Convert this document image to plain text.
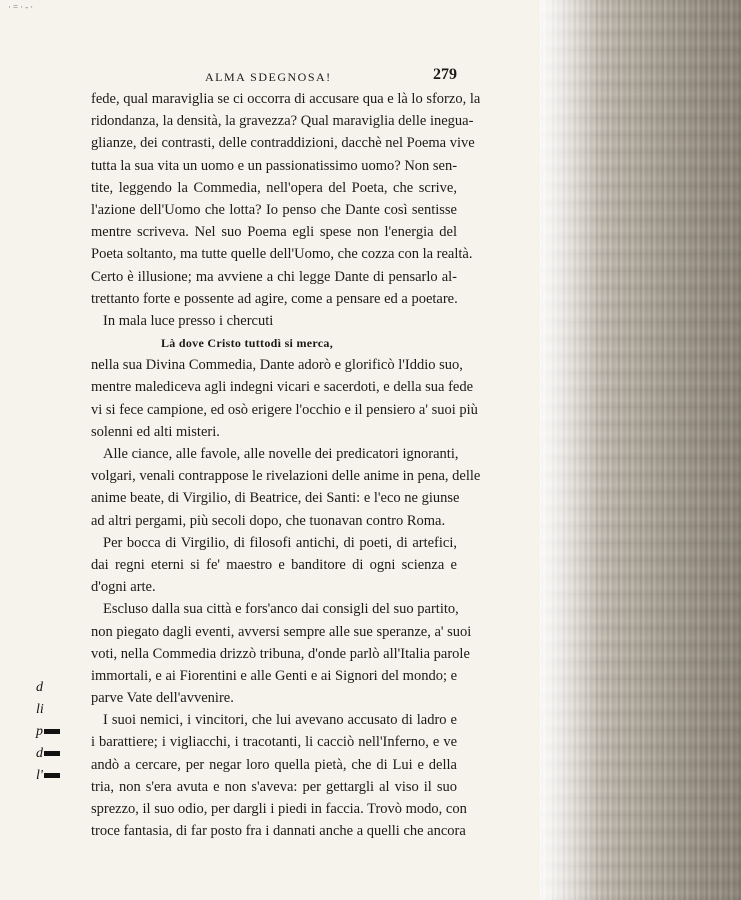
·=·-·
ALMA SDEGNOSA!	279
fede, qual maraviglia se ci occorra di accusare qua e là lo sforzo, la
ridondanza, la densità, la gravezza? Qual maraviglia delle inegua-
glianze, dei contrasti, delle contraddizioni, dacchè nel Poema vive
tutta la sua vita un uomo e un passionatissimo uomo? Non sen-
tite, leggendo la Commedia, nell'opera del Poeta, che scrive,
l'azione dell'Uomo che lotta? Io penso che Dante così sentisse
mentre scriveva. Nel suo Poema egli spese non l'energia del
Poeta soltanto, ma tutte quelle dell'Uomo, che cozza con la realtà.
Certo è illusione; ma avviene a chi legge Dante di pensarlo al-
trettanto forte e possente ad agire, come a pensare ed a poetare.
In mala luce presso i chercuti
Là dove Cristo tuttodì si merca,
nella sua Divina Commedia, Dante adorò e glorificò l'Iddio suo,
mentre malediceva agli indegni vicari e sacerdoti, e della sua fede
vi si fece campione, ed osò erigere l'occhio e il pensiero a' suoi più
solenni ed alti misteri.
Alle ciance, alle favole, alle novelle dei predicatori ignoranti,
volgari, venali contrappose le rivelazioni delle anime in pena, delle
anime beate, di Virgilio, di Beatrice, dei Santi: e l'eco ne giunse
ad altri pergami, più secoli dopo, che tuonavan contro Roma.
Per bocca di Virgilio, di filosofi antichi, di poeti, di artefici,
dai regni eterni si fe' maestro e banditore di ogni scienza e
d'ogni arte.
Escluso dalla sua città e fors'anco dai consigli del suo partito,
non piegato dagli eventi, avversi sempre alle sue speranze, a' suoi
voti, nella Commedia drizzò tribuna, d'onde parlò all'Italia parole
immortali, e ai Fiorentini e alle Genti e ai Signori del mondo; e
parve Vate dell'avvenire.
I suoi nemici, i vincitori, che lui avevano accusato di ladro e
i barattiere; i vigliacchi, i tracotanti, li cacciò nell'Inferno, e ve
andò a cercare, per negar loro quella pietà, che di Lui e della
tria, non s'era avuta e non s'aveva: per gettargli al viso il suo
sprezzo, il suo odio, per dargli i piedi in faccia. Trovò modo, con
troce fantasia, di far posto fra i dannati anche a quelli che ancora
d
li
p
d
l'
